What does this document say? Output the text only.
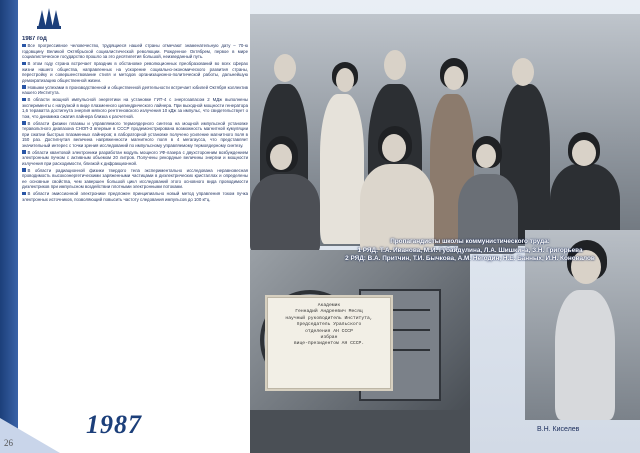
1987 год

Все прогрессивное человечество, трудящиеся нашей страны отмечают знаменательную дату – 70-ю годовщину Великой Октябрьской социалистической революции. Рожденное Октябрем, первое в мире социалистическое государство прошло за это десятилетия большой, неизведанный путь.

В этом году страна встречает праздник в обстановке революционных преобразований во всех сферах жизни нашего общества, направленных на ускорение социально-экономического развития страны, перестройку и совершенствование стиля и методов организационно-политической работы, дальнейшую демократизацию общественной жизни.

Новыми успехами в производственной и общественной деятельности встречает юбилей Октября коллектив нашего Института.

В области мощной импульсной энергетики на установке ГИТ-4 с энергозапасом 2 МДж выполнены эксперименты с нагрузкой в виде плазменного цилиндрического лайнера. При выходной мощности генератора 1,6 тераватта достигнута энергия мягкого рентгеновского излучения 10 кДж за импульс, что свидетельствует о том, что динамика сжатия лайнера близка к расчетной.

В области физики плазмы и управляемого термоядерного синтеза на мощной импульсной установке теравольтного диапазона СНОП-3 впервые в СССР продемонстрирована возможность магнитной кумуляции при сжатии быстрых плазменных лайнеров; в лабораторной установке получено усиление магнитного поля в 150 раз. Достигнутая величина напряженности магнитного поля в 4 мегагаусса, что представляет значительный интерес с точки зрения исследований по импульсному управляемому термоядерному синтезу.

В области квантовой электроники разработан модуль мощного УФ-лазера с двухсторонним возбуждением электронным пучком с активным объемом 20 литров. Получены рекордные величины энергии и мощности излучения при расходимости, близкой к дифракционной.

В области радиационной физики твердого тела экспериментально исследована неравновесная проводимость высокоэнергетическими заряженными частицами в диэлектрических кристаллах и определены ее основные свойства, чем завершен большой цикл исследований этого основного вида проводимости диэлектриков при импульсном воздействии плотными электронными потоками.

В области эмиссионной электроники предложен принципиально новый метод управления током пучка электронных источников, позволяющий повысить частоту следования импульсов до 100 кГц.

1987
26
Пропагандисты школы коммунистического труда:
1 РЯД: Т.А. Иванова, М.И. Губайдулина, Л.А. Шишкина, З.Н. Григорьева
2 РЯД: В.А. Притчин, Т.И. Бычкова, А.М. Негодин, Н.Е. Банных, И.Н. Коновалов
Академик
Геннадий Андреевич Месяц
научный руководитель Института,
председатель Уральского
отделения АН СССР
избран
вице-президентом АН СССР.
В.Н. Киселев
